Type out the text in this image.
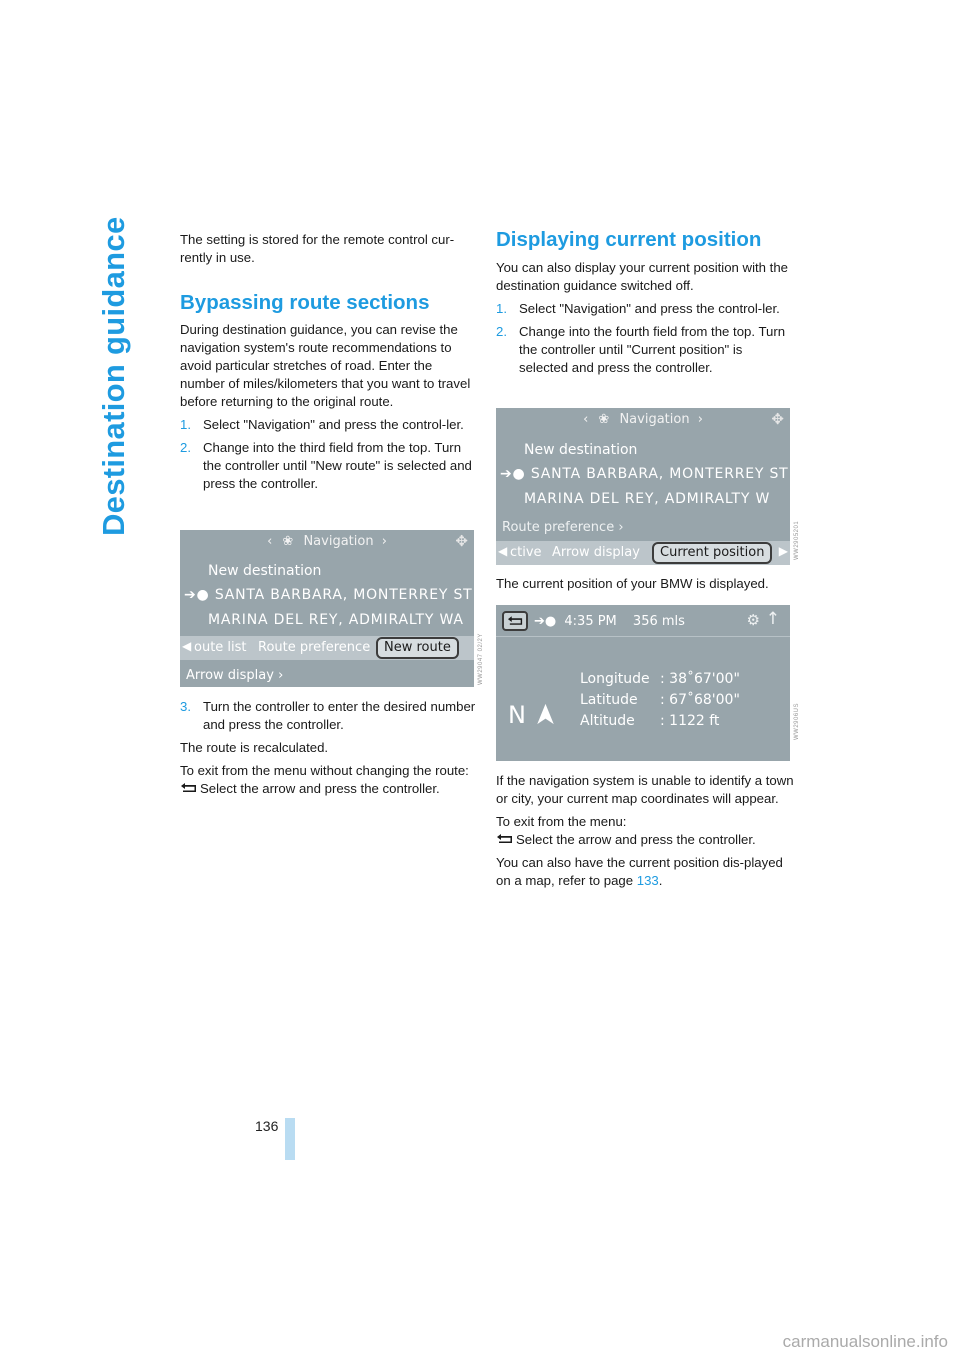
Destination guidance	The setting is stored for the remote control cur-rently in use.

Bypassing route sections

During destination guidance, you can revise the navigation system's route recommendations to avoid particular stretches of road. Enter the number of miles/kilometers that you want to travel before returning to the original route.

1. Select "Navigation" and press the control-ler.
2. Change into the third field from the top. Turn the controller until "New route" is selected and press the controller.
‹ ❀ Navigation ›	✥
New destination
➔● SANTA BARBARA, MONTERREY ST
MARINA DEL REY, ADMIRALTY WA
◀ oute list Route preference	New route
Arrow display ›	WW29047 02/2Y
3. Turn the controller to enter the desired number and press the controller.

The route is recalculated.

To exit from the menu without changing the route:

Select the arrow and press the controller.

Displaying current position

You can also display your current position with the destination guidance switched off.

1. Select "Navigation" and press the control-ler.
2. Change into the fourth field from the top. Turn the controller until "Current position" is selected and press the controller.
‹ ❀ Navigation ›	✥
New destination
➔● SANTA BARBARA, MONTERREY ST
MARINA DEL REY, ADMIRALTY W
Route preference ›
◀ ctive Arrow display	Current position	▶ WW2905201

The current position of your BMW is displayed.

➔● 4:35 PM 356 mls	⚙ ↑
Longitude : 38˚67'00"
Latitude : 67˚68'00"
Altitude : 1122 ft
N	WW2906US

If the navigation system is unable to identify a town or city, your current map coordinates will appear.

To exit from the menu:

Select the arrow and press the controller.

You can also have the current position dis-played on a map, refer to page 133.

136
carmanualsonline.info
